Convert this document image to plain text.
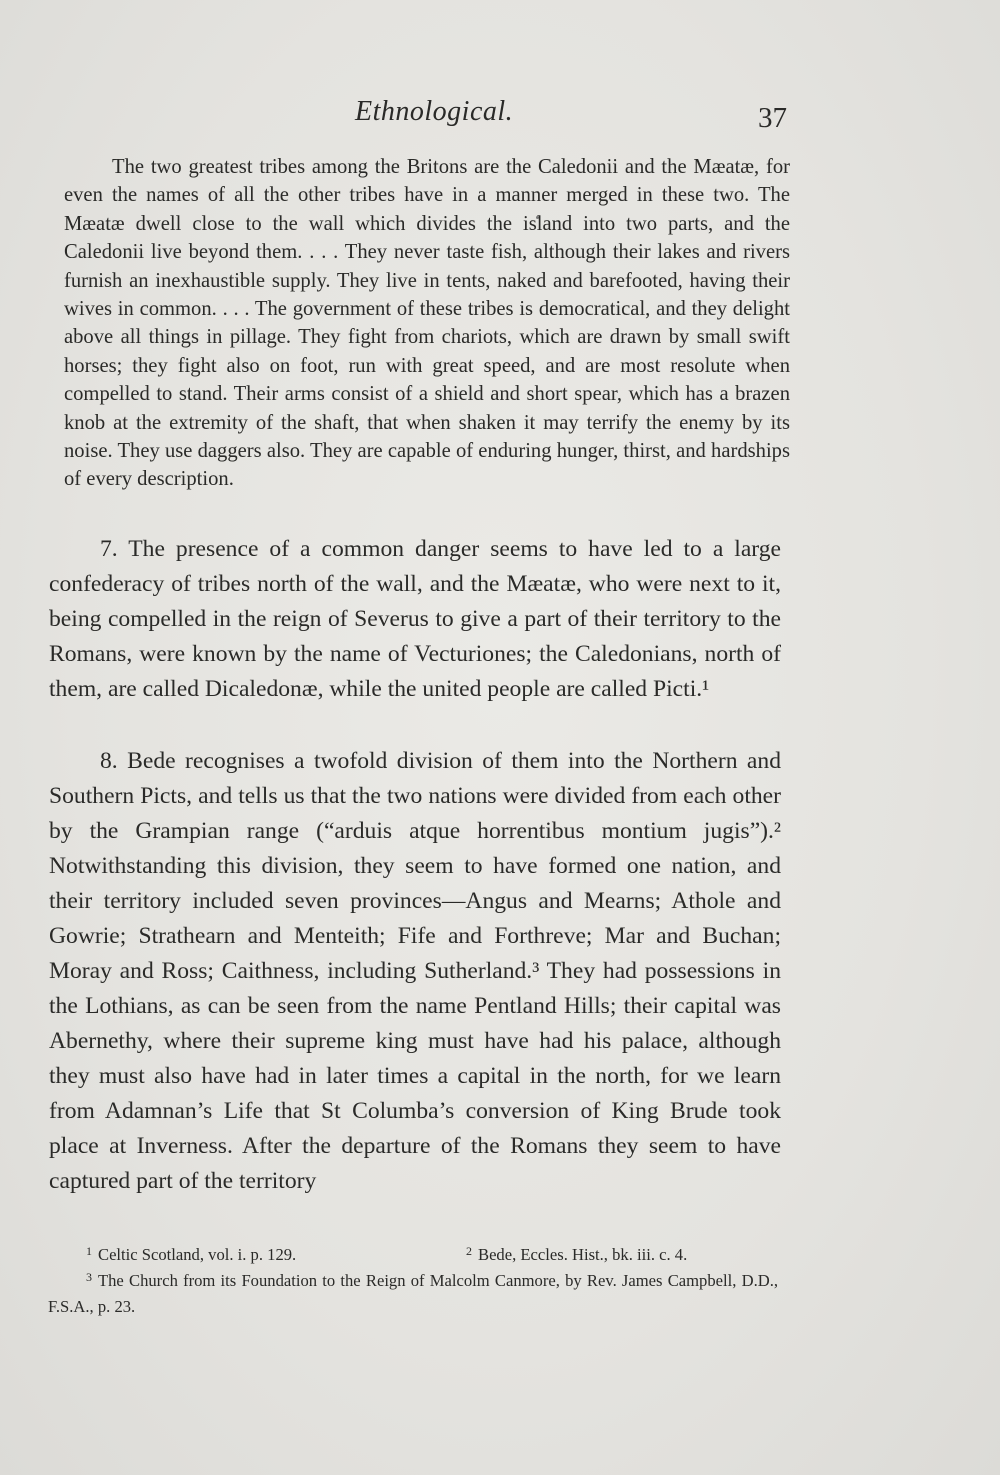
Ethnological.	37

The two greatest tribes among the Britons are the Caledonii and the Mæatæ, for even the names of all the other tribes have in a manner merged in these two. The Mæatæ dwell close to the wall which divides the island into two parts, and the Caledonii live beyond them. . . . They never taste fish, although their lakes and rivers furnish an inexhaustible supply. They live in tents, naked and barefooted, having their wives in common. . . . The government of these tribes is democratical, and they delight above all things in pillage. They fight from chariots, which are drawn by small swift horses; they fight also on foot, run with great speed, and are most resolute when compelled to stand. Their arms consist of a shield and short spear, which has a brazen knob at the extremity of the shaft, that when shaken it may terrify the enemy by its noise. They use daggers also. They are capable of enduring hunger, thirst, and hardships of every description.

7. The presence of a common danger seems to have led to a large confederacy of tribes north of the wall, and the Mæatæ, who were next to it, being compelled in the reign of Severus to give a part of their territory to the Romans, were known by the name of Vecturiones; the Caledonians, north of them, are called Dicaledonæ, while the united people are called Picti.¹

8. Bede recognises a twofold division of them into the Northern and Southern Picts, and tells us that the two nations were divided from each other by the Grampian range (“arduis atque horrentibus montium jugis”).² Notwithstanding this division, they seem to have formed one nation, and their territory included seven provinces—Angus and Mearns; Athole and Gowrie; Strathearn and Menteith; Fife and Forthreve; Mar and Buchan; Moray and Ross; Caithness, including Sutherland.³ They had possessions in the Lothians, as can be seen from the name Pentland Hills; their capital was Abernethy, where their supreme king must have had his palace, although they must also have had in later times a capital in the north, for we learn from Adamnan’s Life that St Columba’s conversion of King Brude took place at Inverness. After the departure of the Romans they seem to have captured part of the territory

$^1$ Celtic Scotland, vol. i. p. 129.	$^2$ Bede, Eccles. Hist., bk. iii. c. 4.

$^3$ The Church from its Foundation to the Reign of Malcolm Canmore, by Rev. James Campbell, D.D., F.S.A., p. 23.
